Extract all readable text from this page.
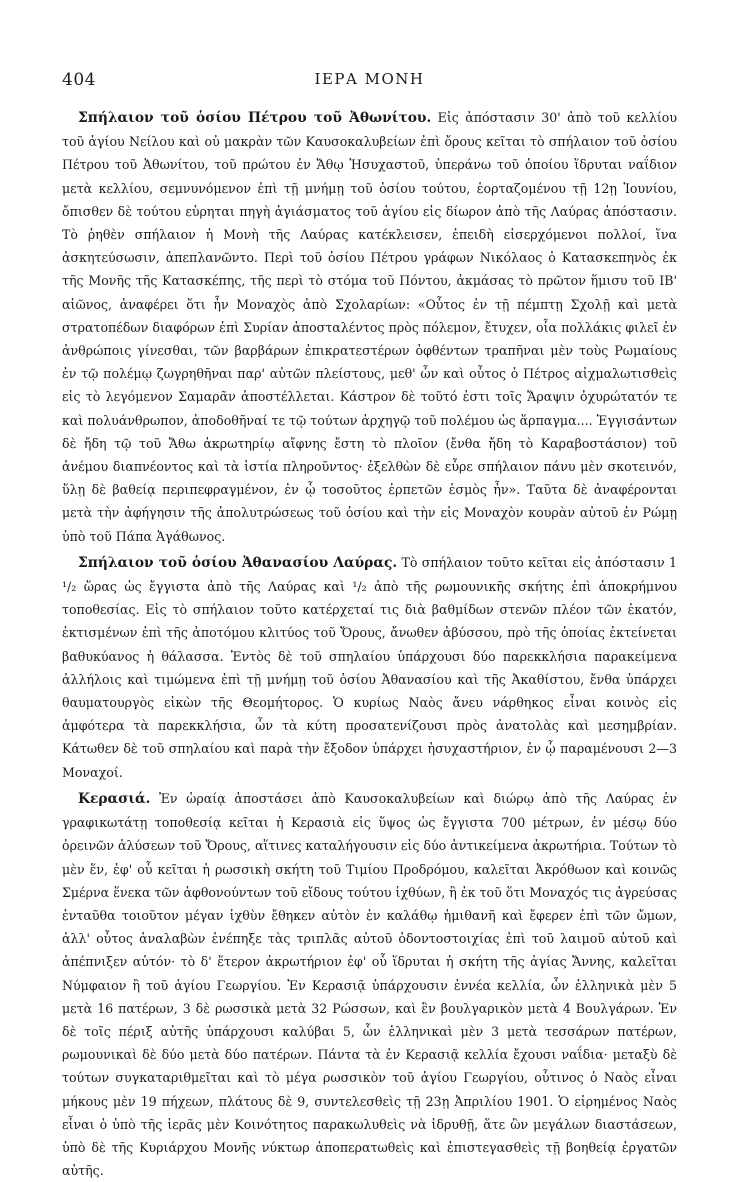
404	ΙΕΡΑ ΜΟΝΗ

Σπήλαιον τοῦ ὁσίου Πέτρου τοῦ Ἀθωνίτου. Εἰς ἀπόστασιν 30' ἀπὸ τοῦ κελλίου τοῦ ἁγίου Νείλου καὶ οὐ μακρὰν τῶν Καυσοκαλυβείων ἐπὶ ὄρους κεῖται τὸ σπήλαιον τοῦ ὁσίου Πέτρου τοῦ Ἀθωνίτου, τοῦ πρώτου ἐν Ἄθῳ Ἡσυχαστοῦ, ὑπεράνω τοῦ ὁποίου ἵδρυται ναΐδιον μετὰ κελλίου, σεμνυνόμενον ἐπὶ τῇ μνήμῃ τοῦ ὁσίου τούτου, ἑορταζομένου τῇ 12ῃ Ἰουνίου, ὄπισθεν δὲ τούτου εὑρηται πηγὴ ἁγιάσματος τοῦ ἁγίου εἰς δίωρον ἀπὸ τῆς Λαύρας ἀπόστασιν. Τὸ ῥηθὲν σπήλαιον ἡ Μονὴ τῆς Λαύρας κατέκλεισεν, ἐπειδὴ εἰσερχόμενοι πολλοί, ἵνα ἀσκητεύσωσιν, ἀπεπλανῶντο. Περὶ τοῦ ὁσίου Πέτρου γράφων Νικόλαος ὁ Κατασκεπηνὸς ἐκ τῆς Μονῆς τῆς Κατασκέπης, τῆς περὶ τὸ στόμα τοῦ Πόντου, ἀκμάσας τὸ πρῶτον ἥμισυ τοῦ ΙΒ' αἰῶνος, ἀναφέρει ὅτι ἦν Μοναχὸς ἀπὸ Σχολαρίων: «Οὗτος ἐν τῇ πέμπτῃ Σχολῇ καὶ μετὰ στρατοπέδων διαφόρων ἐπὶ Συρίαν ἀποσταλέντος πρὸς πόλεμον, ἔτυχεν, οἷα πολλάκις φιλεῖ ἐν ἀνθρώποις γίνεσθαι, τῶν βαρβάρων ἐπικρατεστέρων ὀφθέντων τραπῆναι μὲν τοὺς Ρωμαίους ἐν τῷ πολέμῳ ζωγρηθῆναι παρ' αὐτῶν πλείστους, μεθ' ὧν καὶ οὗτος ὁ Πέτρος αἰχμαλωτισθεὶς εἰς τὸ λεγόμενον Σαμαρᾶν ἀποστέλλεται. Κάστρον δὲ τοῦτό ἐστι τοῖς Ἄραψιν ὀχυρώτατόν τε καὶ πολυάνθρωπον, ἀποδοθῆναί τε τῷ τούτων ἀρχηγῷ τοῦ πολέμου ὡς ἅρπαγμα.... Ἐγγισάντων δὲ ἤδη τῷ τοῦ Ἄθω ἀκρωτηρίῳ αἴφνης ἔστη τὸ πλοῖον (ἔνθα ἤδη τὸ Καραβοστάσιον) τοῦ ἀνέμου διαπνέοντος καὶ τὰ ἱστία πληροῦντος· ἐξελθὼν δὲ εὗρε σπήλαιον πάνυ μὲν σκοτεινόν, ὕλῃ δὲ βαθείᾳ περιπεφραγμένον, ἐν ᾧ τοσοῦτος ἐρπετῶν ἑσμὸς ἦν». Ταῦτα δὲ ἀναφέρονται μετὰ τὴν ἀφήγησιν τῆς ἀπολυτρώσεως τοῦ ὁσίου καὶ τὴν εἰς Μοναχὸν κουρὰν αὐτοῦ ἐν Ρώμῃ ὑπὸ τοῦ Πάπα Ἀγάθωνος.

Σπήλαιον τοῦ ὁσίου Ἀθανασίου Λαύρας. Τὸ σπήλαιον τοῦτο κεῖται εἰς ἀπόστασιν 1 ¹/₂ ὥρας ὡς ἔγγιστα ἀπὸ τῆς Λαύρας καὶ ¹/₂ ἀπὸ τῆς ρωμουνικῆς σκήτης ἐπὶ ἀποκρήμνου τοποθεσίας. Εἰς τὸ σπήλαιον τοῦτο κατέρχεταί τις διὰ βαθμίδων στενῶν πλέον τῶν ἑκατόν, ἐκτισμένων ἐπὶ τῆς ἀποτόμου κλιτύος τοῦ Ὄρους, ἄνωθεν ἀβύσσου, πρὸ τῆς ὁποίας ἐκτείνεται βαθυκύανος ἡ θάλασσα. Ἐντὸς δὲ τοῦ σπηλαίου ὑπάρχουσι δύο παρεκκλήσια παρακείμενα ἀλλήλοις καὶ τιμώμενα ἐπὶ τῇ μνήμῃ τοῦ ὁσίου Ἀθανασίου καὶ τῆς Ἀκαθίστου, ἔνθα ὑπάρχει θαυματουργὸς εἰκὼν τῆς Θεομήτορος. Ὁ κυρίως Ναὸς ἄνευ νάρθηκος εἶναι κοινὸς εἰς ἀμφότερα τὰ παρεκκλήσια, ὧν τὰ κύτη προσατενίζουσι πρὸς ἀνατολὰς καὶ μεσημβρίαν. Κάτωθεν δὲ τοῦ σπηλαίου καὶ παρὰ τὴν ἔξοδον ὑπάρχει ἡσυχαστήριον, ἐν ᾧ παραμένουσι 2—3 Μοναχοί.

Κερασιά. Ἐν ὡραίᾳ ἀποστάσει ἀπὸ Καυσοκαλυβείων καὶ διώρῳ ἀπὸ τῆς Λαύρας ἐν γραφικωτάτῃ τοποθεσίᾳ κεῖται ἡ Κερασιὰ εἰς ὕψος ὡς ἔγγιστα 700 μέτρων, ἐν μέσῳ δύο ὀρεινῶν ἁλύσεων τοῦ Ὄρους, αἵτινες καταλήγουσιν εἰς δύο ἀντικείμενα ἀκρωτήρια. Τούτων τὸ μὲν ἕν, ἐφ' οὗ κεῖται ἡ ρωσσικὴ σκήτη τοῦ Τιμίου Προδρόμου, καλεῖται Ἀκρόθωον καὶ κοινῶς Σμέρνα ἕνεκα τῶν ἀφθονούντων τοῦ εἴδους τούτου ἰχθύων, ἢ ἐκ τοῦ ὅτι Μοναχός τις ἀγρεύσας ἐνταῦθα τοιοῦτον μέγαν ἰχθὺν ἔθηκεν αὐτὸν ἐν καλάθῳ ἡμιθανῆ καὶ ἔφερεν ἐπὶ τῶν ὤμων, ἀλλ' οὗτος ἀναλαβὼν ἐνέπηξε τὰς τριπλᾶς αὐτοῦ ὀδοντοστοιχίας ἐπὶ τοῦ λαιμοῦ αὐτοῦ καὶ ἀπέπνιξεν αὐτόν· τὸ δ' ἕτερον ἀκρωτήριον ἐφ' οὗ ἵδρυται ἡ σκήτη τῆς ἁγίας Ἄννης, καλεῖται Νύμφαιον ἢ τοῦ ἁγίου Γεωργίου. Ἐν Κερασιᾷ ὑπάρχουσιν ἐννέα κελλία, ὧν ἑλληνικὰ μὲν 5 μετὰ 16 πατέρων, 3 δὲ ρωσσικὰ μετὰ 32 Ρώσσων, καὶ ἓν βουλγαρικὸν μετὰ 4 Βουλγάρων. Ἐν δὲ τοῖς πέριξ αὐτῆς ὑπάρχουσι καλύβαι 5, ὧν ἑλληνικαὶ μὲν 3 μετὰ τεσσάρων πατέρων, ρωμουνικαὶ δὲ δύο μετὰ δύο πατέρων. Πάντα τὰ ἐν Κερασιᾷ κελλία ἔχουσι ναΐδια· μεταξὺ δὲ τούτων συγκαταριθμεῖται καὶ τὸ μέγα ρωσσικὸν τοῦ ἁγίου Γεωργίου, οὗτινος ὁ Ναὸς εἶναι μήκους μὲν 19 πήχεων, πλάτους δὲ 9, συντελεσθεὶς τῇ 23ῃ Ἀπριλίου 1901. Ὁ εἰρημένος Ναὸς εἶναι ὁ ὑπὸ τῆς ἱερᾶς μὲν Κοινότητος παρακωλυθεὶς νὰ ἱδρυθῇ, ἅτε ὢν μεγάλων διαστάσεων, ὑπὸ δὲ τῆς Κυριάρχου Μονῆς νύκτωρ ἀποπερατωθεὶς καὶ ἐπιστεγασθεὶς τῇ βοηθείᾳ ἐργατῶν αὐτῆς.
